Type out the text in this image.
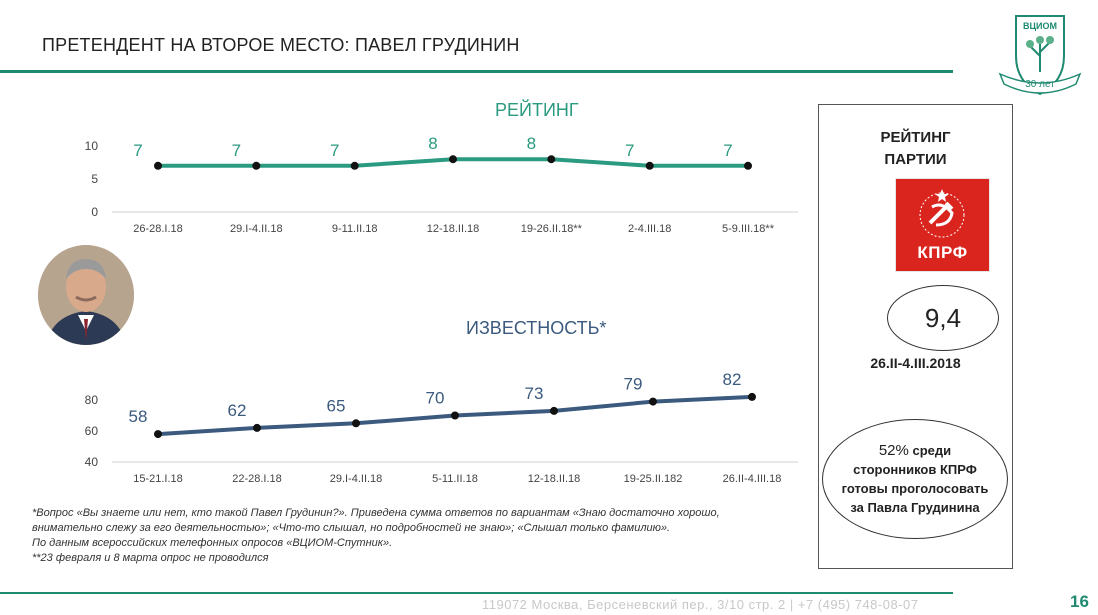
ПРЕТЕНДЕНТ НА ВТОРОЕ МЕСТО: ПАВЕЛ ГРУДИНИН
ВЦИОМ
30 лет
РЕЙТИНГ
ИЗВЕСТНОСТЬ*
0
5
10 7
26-28.I.18
7
29.I-4.II.18
7
9-11.II.18
8
12-18.II.18
8
19-26.II.18**
7
2-4.III.18
7
5-9.III.18**
40
60
80
58
15-21.I.18
62
22-28.I.18
65
29.I-4.II.18
70
5-11.II.18
73
12-18.II.18
79
19-25.II.182
82
26.II-4.III.18

*Вопрос «Вы знаете или нет, кто такой Павел Грудинин?». Приведена сумма ответов по вариантам «Знаю достаточно хорошо, внимательно слежу за его деятельностью»; «Что-то слышал, но подробностей не знаю»; «Слышал только фамилию».

По данным всероссийских телефонных опросов «ВЦИОМ-Спутник».

**23 февраля и 8 марта опрос не проводился

РЕЙТИНГ
ПАРТИИ
КПРФ
9,4
26.II-4.III.2018
52% среди
сторонников КПРФ
готовы проголосовать
за Павла Грудинина
119072 Москва, Берсеневский пер., 3/10 стр. 2 | +7 (495) 748-08-07	16
